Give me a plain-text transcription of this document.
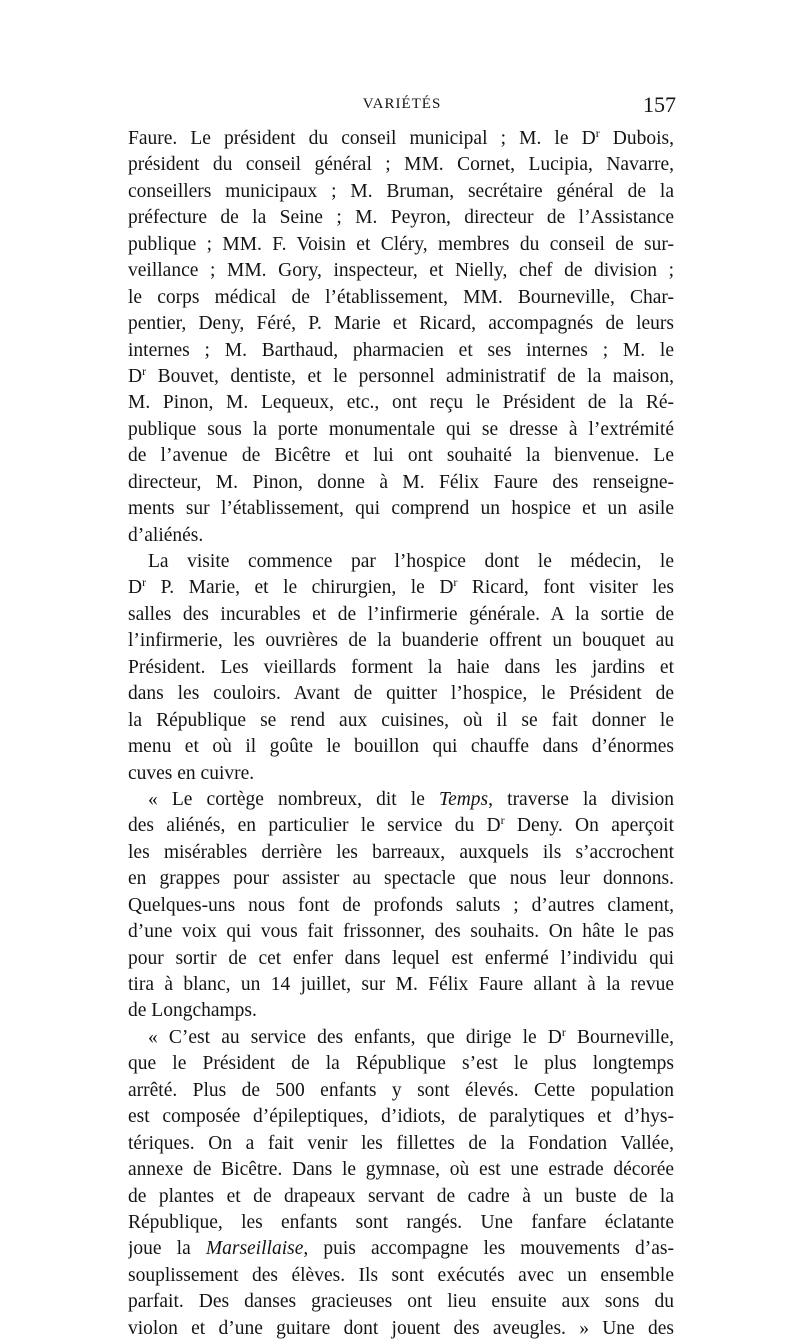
VARIÉTÉS	157
Faure. Le président du conseil municipal ; M. le $D^r$ Dubois,
président du conseil général ; MM. Cornet, Lucipia, Navarre,
conseillers municipaux ; M. Bruman, secrétaire général de la
préfecture de la Seine ; M. Peyron, directeur de l’Assistance
publique ; MM. F. Voisin et Cléry, membres du conseil de sur-
veillance ; MM. Gory, inspecteur, et Nielly, chef de division ;
le corps médical de l’établissement, MM. Bourneville, Char-
pentier, Deny, Féré, P. Marie et Ricard, accompagnés de leurs
internes ; M. Barthaud, pharmacien et ses internes ; M. le
$D^r$ Bouvet, dentiste, et le personnel administratif de la maison,
M. Pinon, M. Lequeux, etc., ont reçu le Président de la Ré-
publique sous la porte monumentale qui se dresse à l’extrémité
de l’avenue de Bicêtre et lui ont souhaité la bienvenue. Le
directeur, M. Pinon, donne à M. Félix Faure des renseigne-
ments sur l’établissement, qui comprend un hospice et un asile
d’aliénés.
La visite commence par l’hospice dont le médecin, le
$D^r$ P. Marie, et le chirurgien, le $D^r$ Ricard, font visiter les
salles des incurables et de l’infirmerie générale. A la sortie de
l’infirmerie, les ouvrières de la buanderie offrent un bouquet au
Président. Les vieillards forment la haie dans les jardins et
dans les couloirs. Avant de quitter l’hospice, le Président de
la République se rend aux cuisines, où il se fait donner le
menu et où il goûte le bouillon qui chauffe dans d’énormes
cuves en cuivre.
« Le cortège nombreux, dit le Temps, traverse la division
des aliénés, en particulier le service du $D^r$ Deny. On aperçoit
les misérables derrière les barreaux, auxquels ils s’accrochent
en grappes pour assister au spectacle que nous leur donnons.
Quelques-uns nous font de profonds saluts ; d’autres clament,
d’une voix qui vous fait frissonner, des souhaits. On hâte le pas
pour sortir de cet enfer dans lequel est enfermé l’individu qui
tira à blanc, un 14 juillet, sur M. Félix Faure allant à la revue
de Longchamps.
« C’est au service des enfants, que dirige le $D^r$ Bourneville,
que le Président de la République s’est le plus longtemps
arrêté. Plus de 500 enfants y sont élevés. Cette population
est composée d’épileptiques, d’idiots, de paralytiques et d’hys-
tériques. On a fait venir les fillettes de la Fondation Vallée,
annexe de Bicêtre. Dans le gymnase, où est une estrade décorée
de plantes et de drapeaux servant de cadre à un buste de la
République, les enfants sont rangés. Une fanfare éclatante
joue la Marseillaise, puis accompagne les mouvements d’as-
souplissement des élèves. Ils sont exécutés avec un ensemble
parfait. Des danses gracieuses ont lieu ensuite aux sons du
violon et d’une guitare dont jouent des aveugles. » Une des
